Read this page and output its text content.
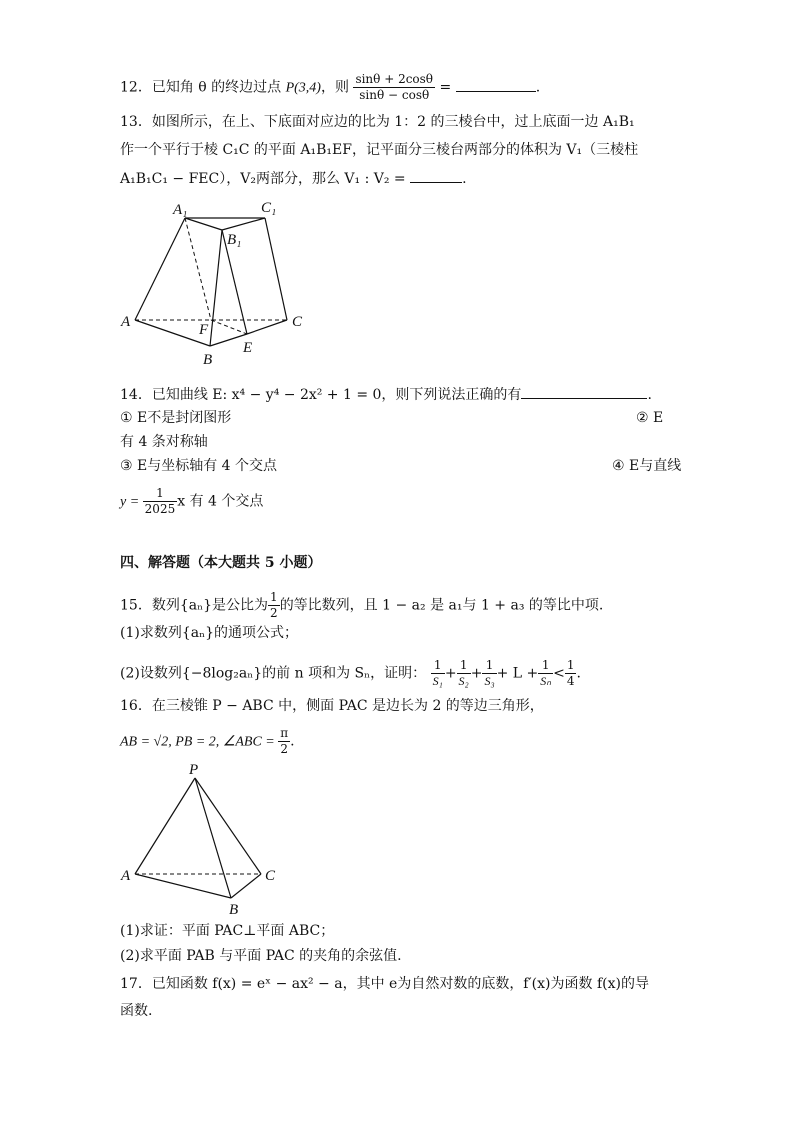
12．已知角 θ 的终边过点 P(3,4)，则 $\frac{\sin\theta + 2\cos\theta}{\sin\theta - \cos\theta}$ =	.
13．如图所示，在上、下底面对应边的比为 1：2 的三棱台中，过上底面一边 A₁B₁
作一个平行于棱 C₁C 的平面 A₁B₁EF，记平面分三棱台两部分的体积为 V₁（三棱柱
A₁B₁C₁ − FEC），V₂两部分，那么 V₁ : V₂ =	.
A₁	C₁
B₁
A	F	C
B
E
14．已知曲线 E: x⁴ − y⁴ − 2x² + 1 = 0，则下列说法正确的有	.
① E不是封闭图形	② E
有 4 条对称轴
③ E与坐标轴有 4 个交点	④ E与直线
$y = \frac{1}{2025}$ x 有 4 个交点
四、解答题（本大题共 5 小题）
15．数列{aₙ}是公比为 $\frac{1}{2}$ 的等比数列，且 1 − a₂ 是 a₁与 1 + a₃ 的等比中项.
(1)求数列{aₙ}的通项公式；
(2)设数列{−8log₂aₙ}的前 n 项和为 Sₙ，证明： $\frac{1}{\text{S₁}} + \frac{1}{\text{S₂}} + \frac{1}{\text{S₃}} + L + \frac{1}{\text{Sₙ}} < \frac{1}{4}$ .
16．在三棱锥 P − ABC 中，侧面 PAC 是边长为 2 的等边三角形，
AB = √2, PB = 2, ∠ABC = $\frac{\pi}{2}$ .
P
A	C
B
(1)求证：平面 PAC⊥平面 ABC；
(2)求平面 PAB 与平面 PAC 的夹角的余弦值.
17．已知函数 f(x) = eˣ − ax² − a，其中 e为自然对数的底数，f′(x)为函数 f(x)的导
函数.
